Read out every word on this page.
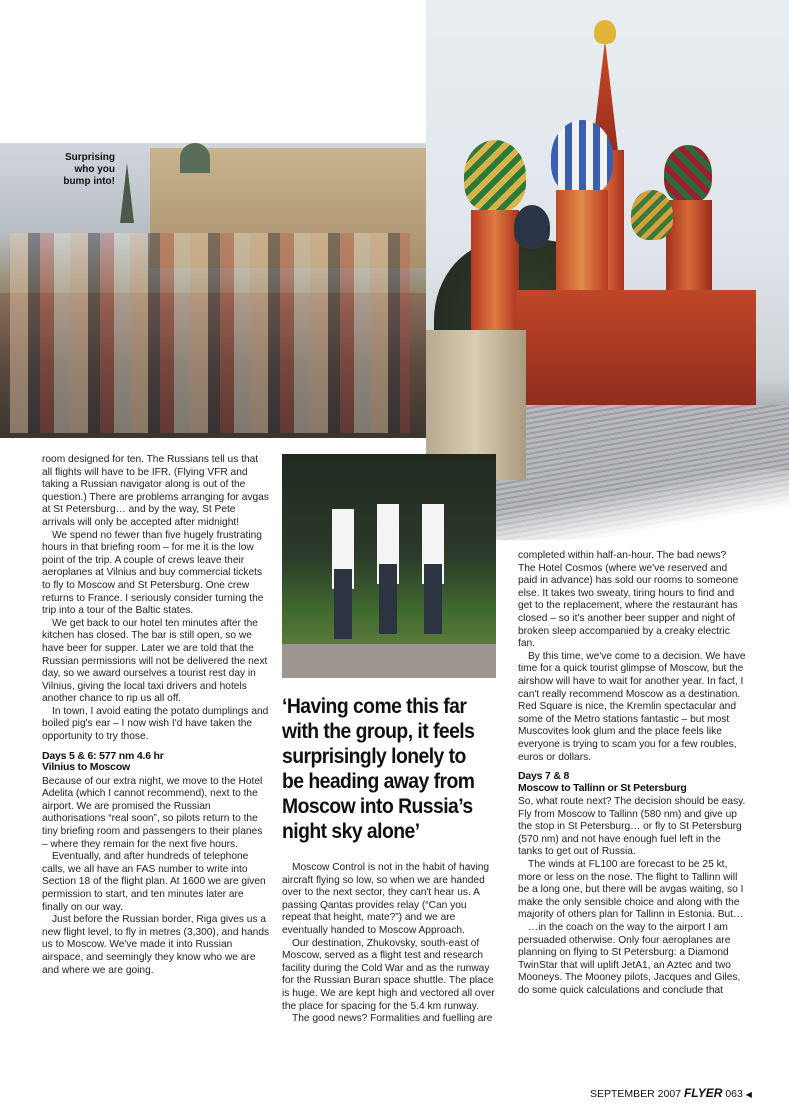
Surprising who you bump into!

room designed for ten. The Russians tell us that all flights will have to be IFR. (Flying VFR and taking a Russian navigator along is out of the question.) There are problems arranging for avgas at St Petersburg… and by the way, St Pete arrivals will only be accepted after midnight!

We spend no fewer than five hugely frustrating hours in that briefing room – for me it is the low point of the trip. A couple of crews leave their aeroplanes at Vilnius and buy commercial tickets to fly to Moscow and St Petersburg. One crew returns to France. I seriously consider turning the trip into a tour of the Baltic states.

We get back to our hotel ten minutes after the kitchen has closed. The bar is still open, so we have beer for supper. Later we are told that the Russian permissions will not be delivered the next day, so we award ourselves a tourist rest day in Vilnius, giving the local taxi drivers and hotels another chance to rip us all off.

In town, I avoid eating the potato dumplings and boiled pig's ear – I now wish I'd have taken the opportunity to try those.

Days 5 & 6: 577 nm 4.6 hr
Vilnius to Moscow

Because of our extra night, we move to the Hotel Adelita (which I cannot recommend), next to the airport. We are promised the Russian authorisations “real soon”, so pilots return to the tiny briefing room and passengers to their planes – where they remain for the next five hours.

Eventually, and after hundreds of telephone calls, we all have an FAS number to write into Section 18 of the flight plan. At 1600 we are given permission to start, and ten minutes later are finally on our way.

Just before the Russian border, Riga gives us a new flight level, to fly in metres (3,300), and hands us to Moscow. We've made it into Russian airspace, and seemingly they know who we are and where we are going.

‘Having come this far with the group, it feels surprisingly lonely to be heading away from Moscow into Russia’s night sky alone’

Moscow Control is not in the habit of having aircraft flying so low, so when we are handed over to the next sector, they can't hear us. A passing Qantas provides relay (“Can you repeat that height, mate?”) and we are eventually handed to Moscow Approach.

Our destination, Zhukovsky, south-east of Moscow, served as a flight test and research facility during the Cold War and as the runway for the Russian Buran space shuttle. The place is huge. We are kept high and vectored all over the place for spacing for the 5.4 km runway.

The good news? Formalities and fuelling are

completed within half-an-hour. The bad news? The Hotel Cosmos (where we've reserved and paid in advance) has sold our rooms to someone else. It takes two sweaty, tiring hours to find and get to the replacement, where the restaurant has closed – so it's another beer supper and night of broken sleep accompanied by a creaky electric fan.

By this time, we've come to a decision. We have time for a quick tourist glimpse of Moscow, but the airshow will have to wait for another year. In fact, I can't really recommend Moscow as a destination. Red Square is nice, the Kremlin spectacular and some of the Metro stations fantastic – but most Muscovites look glum and the place feels like everyone is trying to scam you for a few roubles, euros or dollars.

Days 7 & 8
Moscow to Tallinn or St Petersburg

So, what route next? The decision should be easy. Fly from Moscow to Tallinn (580 nm) and give up the stop in St Petersburg… or fly to St Petersburg (570 nm) and not have enough fuel left in the tanks to get out of Russia.

The winds at FL100 are forecast to be 25 kt, more or less on the nose. The flight to Tallinn will be a long one, but there will be avgas waiting, so I make the only sensible choice and along with the majority of others plan for Tallinn in Estonia. But…

…in the coach on the way to the airport I am persuaded otherwise. Only four aeroplanes are planning on flying to St Petersburg: a Diamond TwinStar that will uplift JetA1, an Aztec and two Mooneys. The Mooney pilots, Jacques and Giles, do some quick calculations and conclude that

SEPTEMBER 2007 FLYER 063 ◀
